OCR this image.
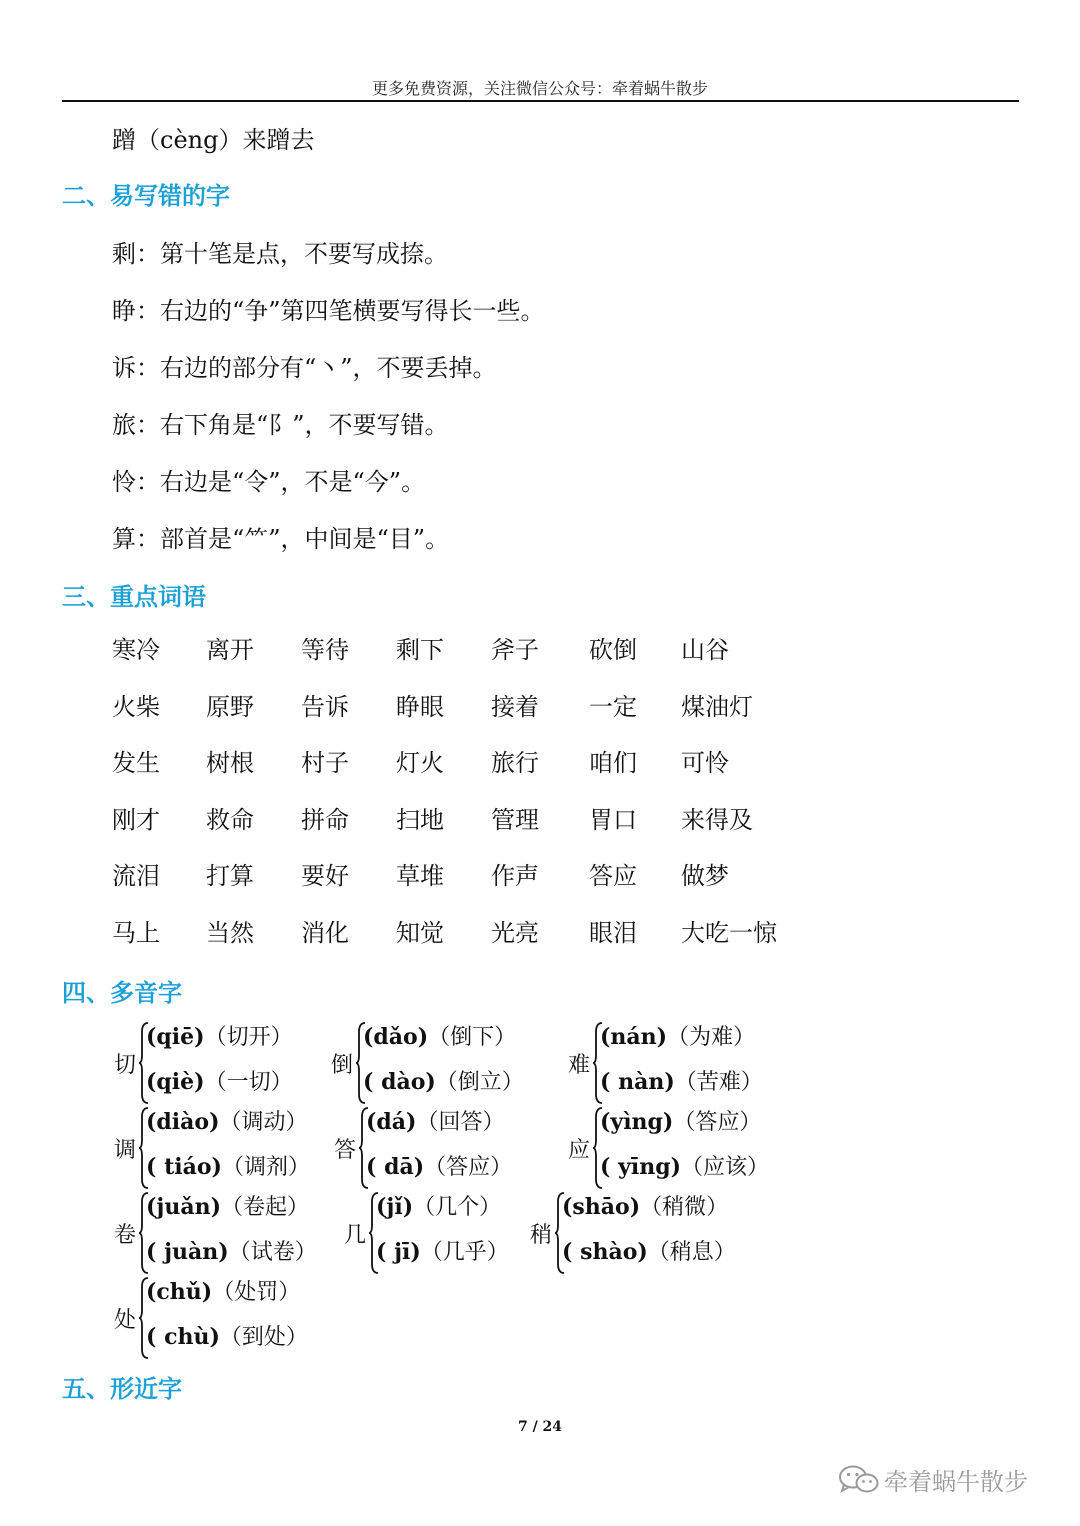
更多免费资源，关注微信公众号：牵着蜗牛散步
蹭（cèng）来蹭去
二、易写错的字
剩：第十笔是点，不要写成捺。
睁：右边的“争”第四笔横要写得长一些。
诉：右边的部分有“丶”，不要丢掉。
旅：右下角是“⻖”，不要写错。
怜：右边是“令”，不是“今”。
算：部首是“⺮”，中间是“目”。
三、重点词语
寒冷 离开 等待 剩下 斧子 砍倒 山谷
火柴 原野 告诉 睁眼 接着 一定 煤油灯
发生 树根 村子 灯火 旅行 咱们 可怜
刚才 救命 拼命 扫地 管理 胃口 来得及
流泪 打算 要好 草堆 作声 答应 做梦
马上 当然 消化 知觉 光亮 眼泪 大吃一惊
四、多音字
切
(qiē)（切开）
(qiè)（一切）
倒
(dǎo)（倒下）
( dào)（倒立）
难
(nán)（为难）
( nàn)（苦难）
调
(diào)（调动）
( tiáo)（调剂）
答
(dá)（回答）
( dā)（答应）
应
(yìng)（答应）
( yīng)（应该）
卷
(juǎn)（卷起）
( juàn)（试卷）
几
(jǐ)（几个）
( jī)（几乎）
稍
(shāo)（稍微）
( shào)（稍息）
处
(chǔ)（处罚）
( chù)（到处）
五、形近字
7 / 24
牵着蜗牛散步
